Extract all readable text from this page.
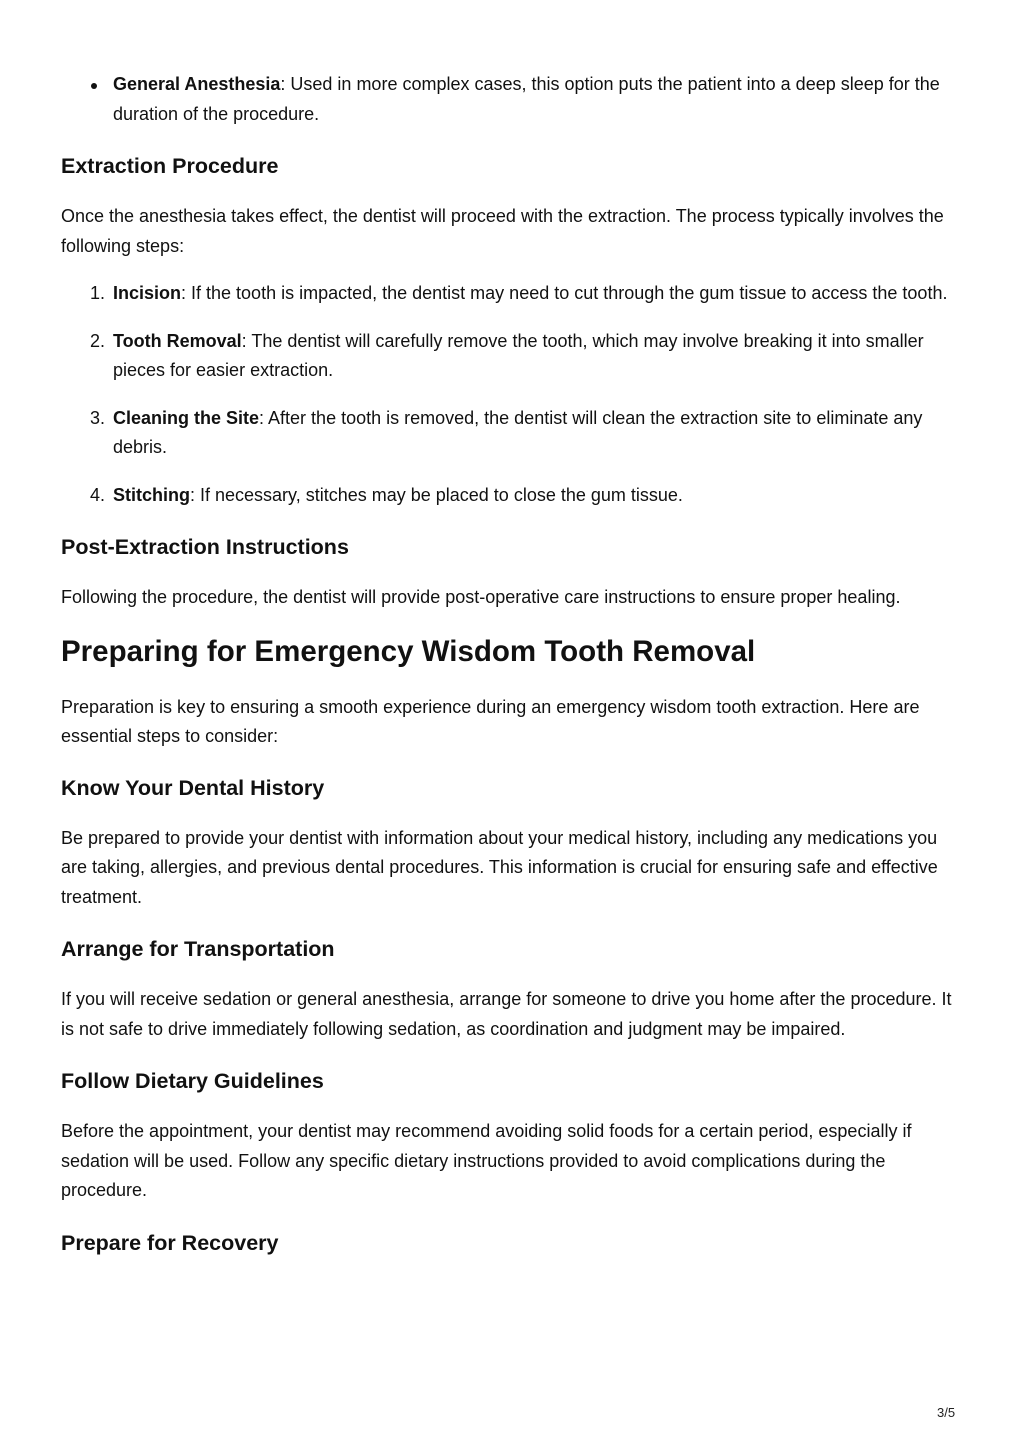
General Anesthesia: Used in more complex cases, this option puts the patient into a deep sleep for the duration of the procedure.
Extraction Procedure

Once the anesthesia takes effect, the dentist will proceed with the extraction. The process typically involves the following steps:

1. Incision: If the tooth is impacted, the dentist may need to cut through the gum tissue to access the tooth.
2. Tooth Removal: The dentist will carefully remove the tooth, which may involve breaking it into smaller pieces for easier extraction.
3. Cleaning the Site: After the tooth is removed, the dentist will clean the extraction site to eliminate any debris.
4. Stitching: If necessary, stitches may be placed to close the gum tissue.
Post-Extraction Instructions

Following the procedure, the dentist will provide post-operative care instructions to ensure proper healing.

Preparing for Emergency Wisdom Tooth Removal

Preparation is key to ensuring a smooth experience during an emergency wisdom tooth extraction. Here are essential steps to consider:

Know Your Dental History

Be prepared to provide your dentist with information about your medical history, including any medications you are taking, allergies, and previous dental procedures. This information is crucial for ensuring safe and effective treatment.

Arrange for Transportation

If you will receive sedation or general anesthesia, arrange for someone to drive you home after the procedure. It is not safe to drive immediately following sedation, as coordination and judgment may be impaired.

Follow Dietary Guidelines

Before the appointment, your dentist may recommend avoiding solid foods for a certain period, especially if sedation will be used. Follow any specific dietary instructions provided to avoid complications during the procedure.

Prepare for Recovery
3/5
